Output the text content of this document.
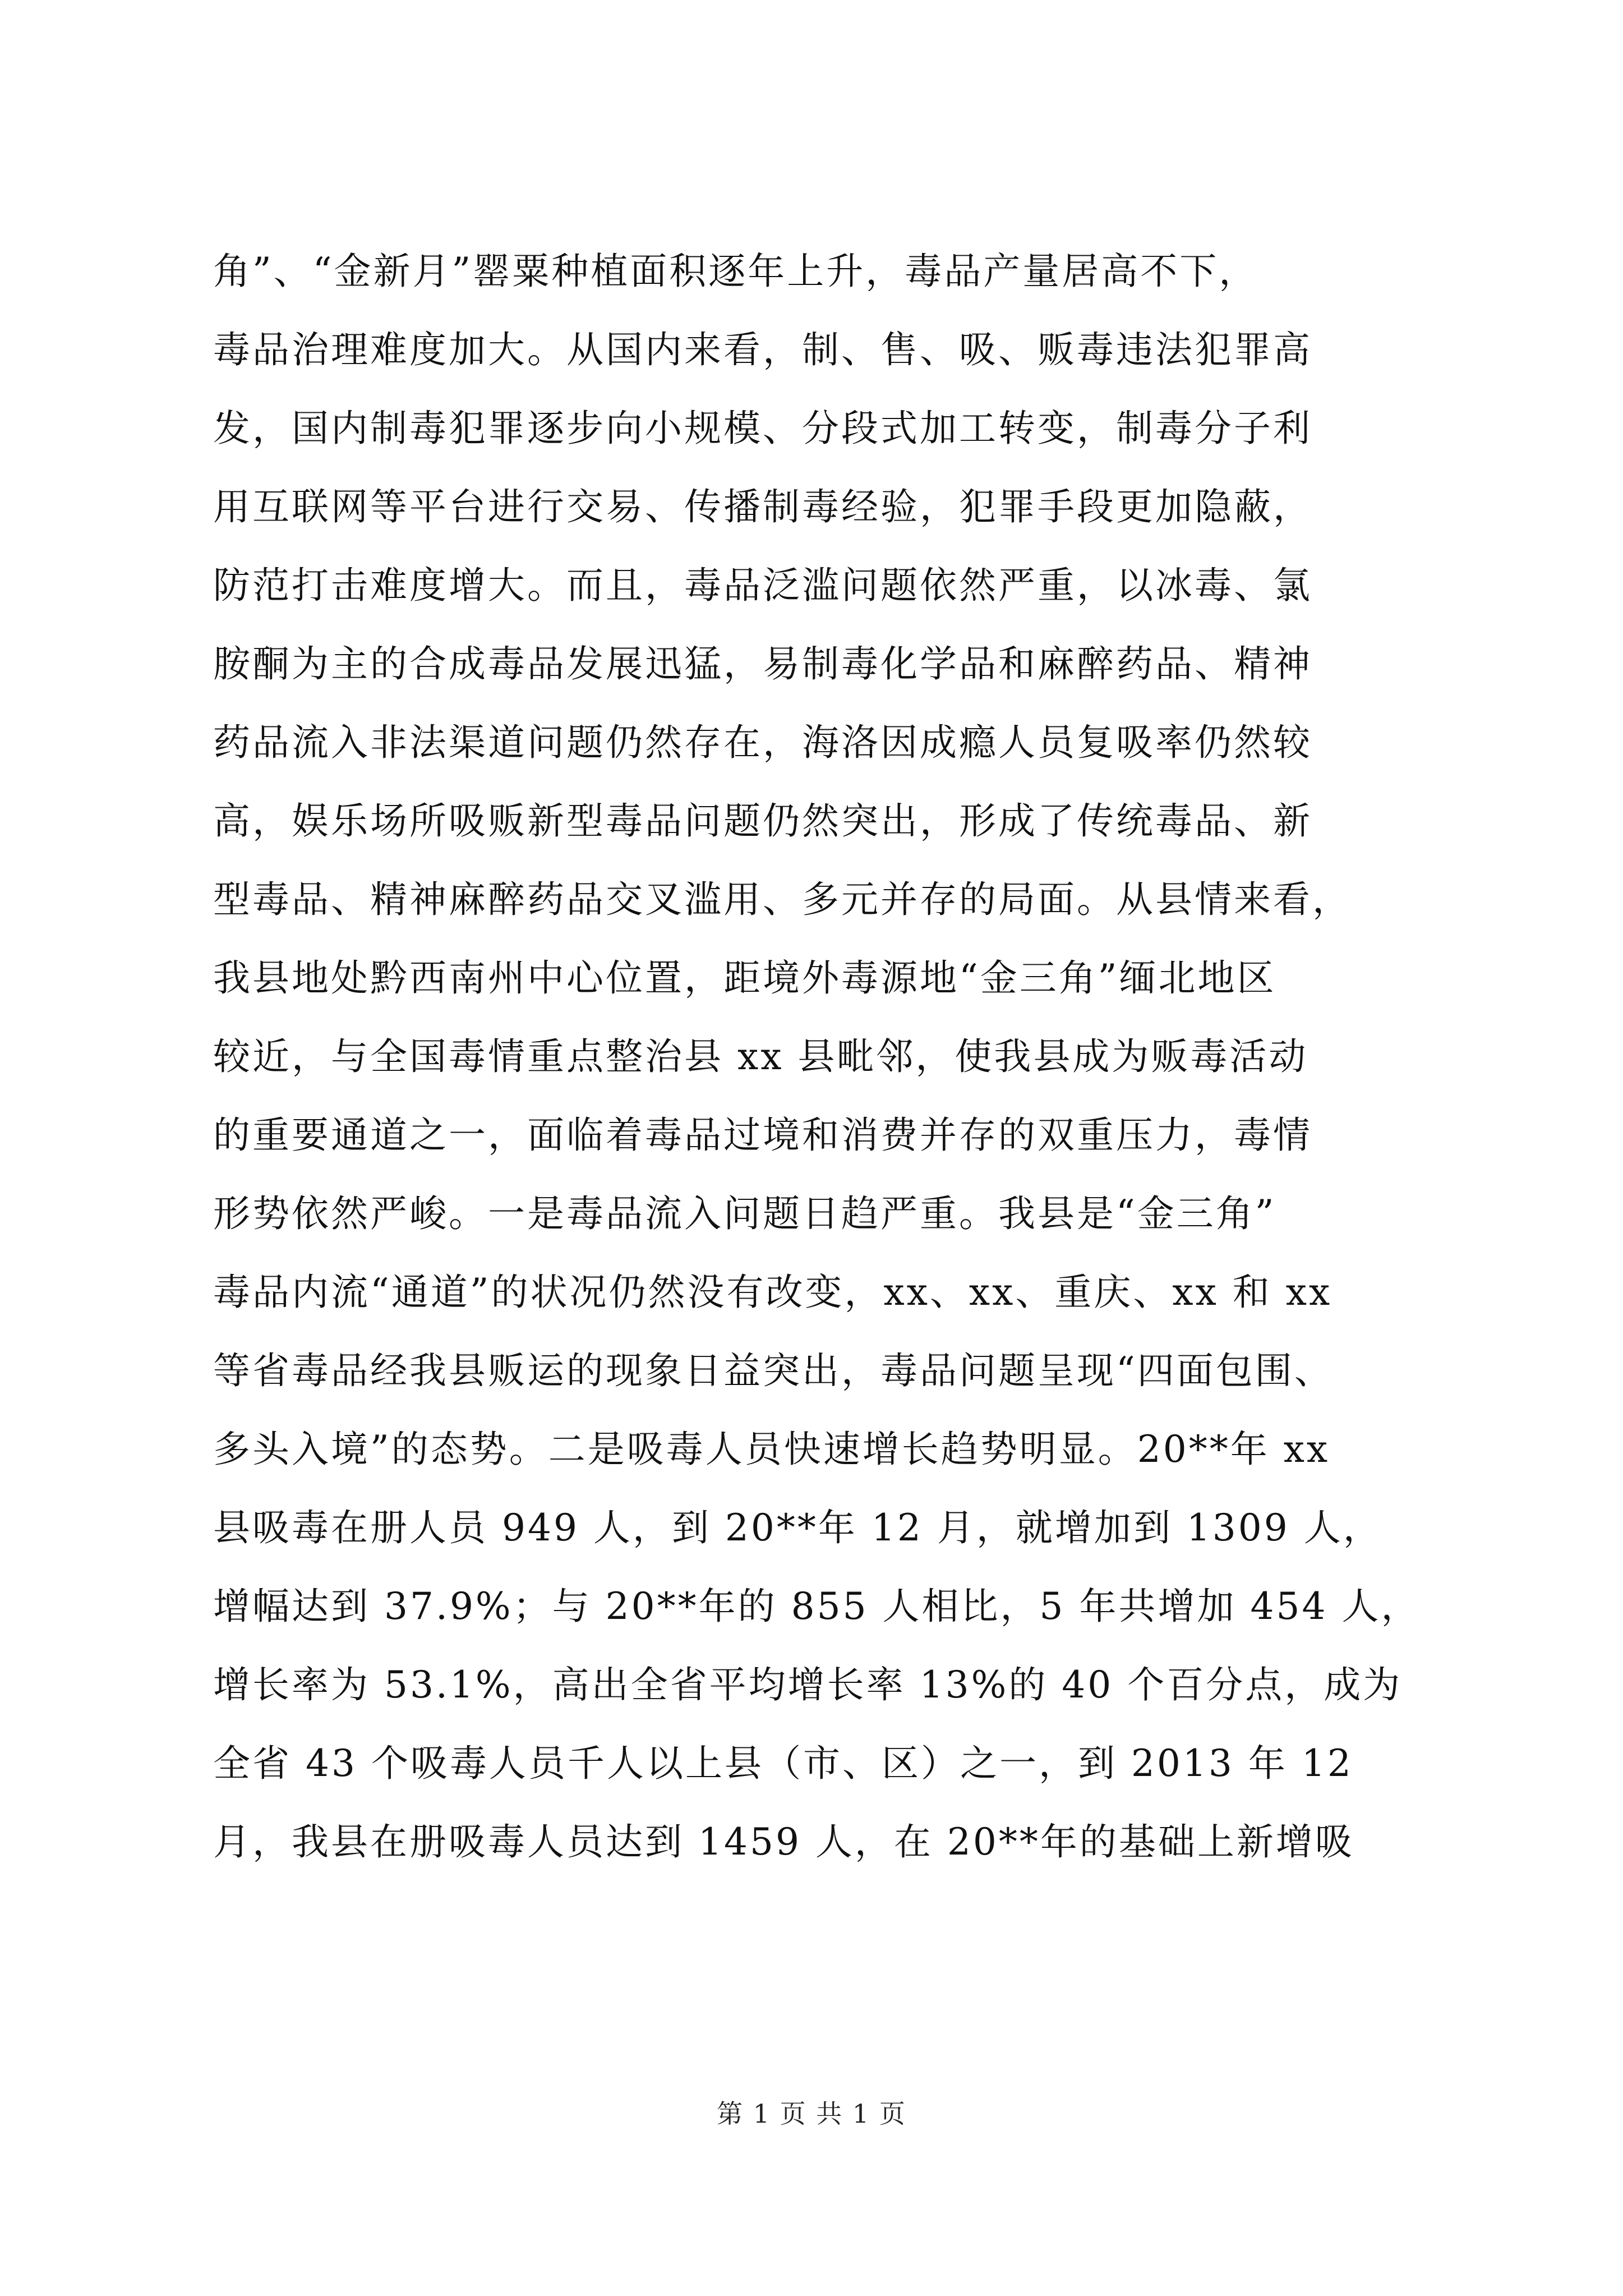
角”、“金新月”罂粟种植面积逐年上升，毒品产量居高不下，
毒品治理难度加大。从国内来看，制、售、吸、贩毒违法犯罪高
发，国内制毒犯罪逐步向小规模、分段式加工转变，制毒分子利
用互联网等平台进行交易、传播制毒经验，犯罪手段更加隐蔽，
防范打击难度增大。而且，毒品泛滥问题依然严重，以冰毒、氯
胺酮为主的合成毒品发展迅猛，易制毒化学品和麻醉药品、精神
药品流入非法渠道问题仍然存在，海洛因成瘾人员复吸率仍然较
高，娱乐场所吸贩新型毒品问题仍然突出，形成了传统毒品、新
型毒品、精神麻醉药品交叉滥用、多元并存的局面。从县情来看，
我县地处黔西南州中心位置，距境外毒源地“金三角”缅北地区
较近，与全国毒情重点整治县 xx 县毗邻，使我县成为贩毒活动
的重要通道之一，面临着毒品过境和消费并存的双重压力，毒情
形势依然严峻。一是毒品流入问题日趋严重。我县是“金三角”
毒品内流“通道”的状况仍然没有改变，xx、xx、重庆、xx 和 xx
等省毒品经我县贩运的现象日益突出，毒品问题呈现“四面包围、
多头入境”的态势。二是吸毒人员快速增长趋势明显。20**年 xx
县吸毒在册人员 949 人，到 20**年 12 月，就增加到 1309 人，
增幅达到 37.9%；与 20**年的 855 人相比，5 年共增加 454 人，
增长率为 53.1%，高出全省平均增长率 13%的 40 个百分点，成为
全省 43 个吸毒人员千人以上县（市、区）之一，到 2013 年 12
月，我县在册吸毒人员达到 1459 人，在 20**年的基础上新增吸
第 1 页 共 1 页
